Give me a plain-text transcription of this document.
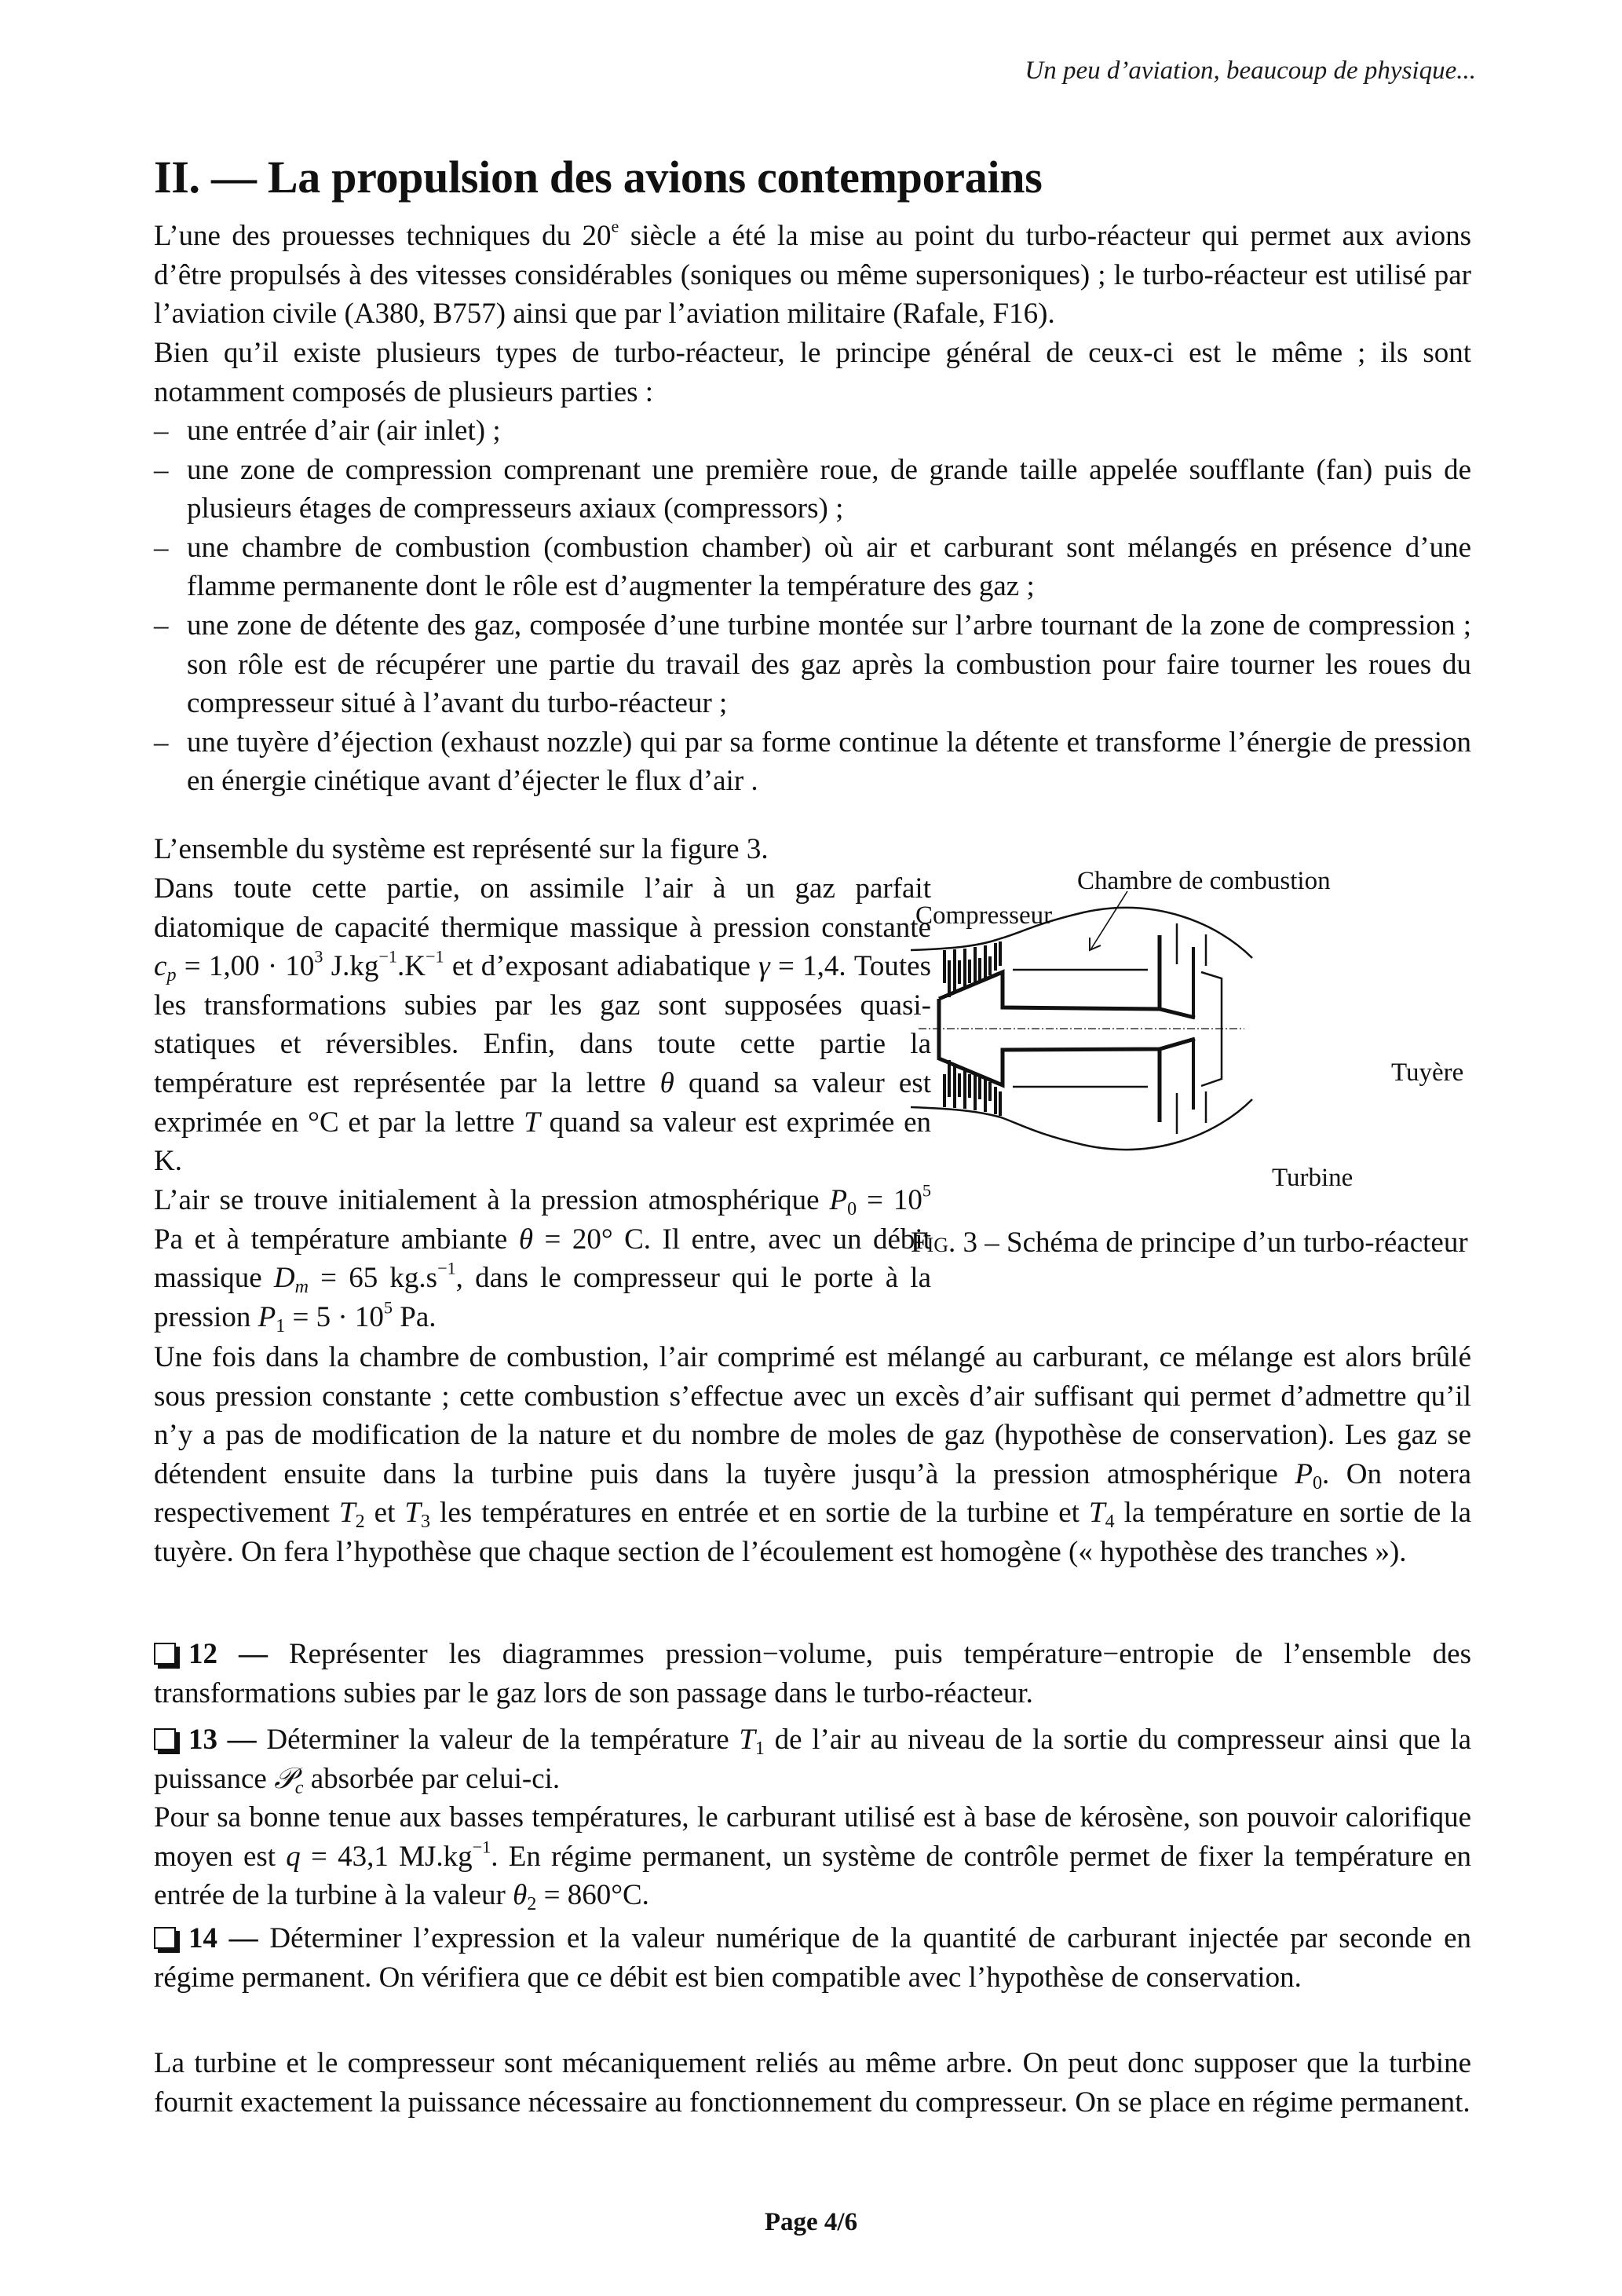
Un peu d’aviation, beaucoup de physique...
II. — La propulsion des avions contemporains

L’une des prouesses techniques du 20e siècle a été la mise au point du turbo-réacteur qui permet aux avions d’être propulsés à des vitesses considérables (soniques ou même supersoniques) ; le turbo-réacteur est utilisé par l’aviation civile (A380, B757) ainsi que par l’aviation militaire (Rafale, F16).

Bien qu’il existe plusieurs types de turbo-réacteur, le principe général de ceux-ci est le même ; ils sont notamment composés de plusieurs parties :

– une entrée d’air (air inlet) ;
– une zone de compression comprenant une première roue, de grande taille appelée soufflante (fan) puis de plusieurs étages de compresseurs axiaux (compressors) ;
– une chambre de combustion (combustion chamber) où air et carburant sont mélangés en présence d’une flamme permanente dont le rôle est d’augmenter la température des gaz ;
– une zone de détente des gaz, composée d’une turbine montée sur l’arbre tournant de la zone de compression ; son rôle est de récupérer une partie du travail des gaz après la combustion pour faire tourner les roues du compresseur situé à l’avant du turbo-réacteur ;
– une tuyère d’éjection (exhaust nozzle) qui par sa forme continue la détente et transforme l’énergie de pression en énergie cinétique avant d’éjecter le flux d’air .

L’ensemble du système est représenté sur la figure 3.

Dans toute cette partie, on assimile l’air à un gaz parfait diatomique de capacité thermique massique à pression constante $c_p = 1,00 \cdot 10^3$ $J.kg^{-1}.K^{-1}$ et d’exposant adiabatique γ = 1,4. Toutes les transformations subies par les gaz sont supposées quasi-statiques et réversibles. Enfin, dans toute cette partie la température est représentée par la lettre θ quand sa valeur est exprimée en °C et par la lettre T quand sa valeur est exprimée en K.

L’air se trouve initialement à la pression atmosphérique $P_0 = 10^5$ Pa et à température ambiante θ = 20° C. Il entre, avec un débit massique $D_m = 65$ $kg.s^{-1}$, dans le compresseur qui le porte à la pression $P_1 = 5 \cdot 10^5$ Pa.

Chambre de combustion
Compresseur
Tuyère
Turbine

Fig. 3 – Schéma de principe d’un turbo-réacteur

Une fois dans la chambre de combustion, l’air comprimé est mélangé au carburant, ce mélange est alors brûlé sous pression constante ; cette combustion s’effectue avec un excès d’air suffisant qui permet d’admettre qu’il n’y a pas de modification de la nature et du nombre de moles de gaz (hypothèse de conservation). Les gaz se détendent ensuite dans la turbine puis dans la tuyère jusqu’à la pression atmosphérique $P_0$. On notera respectivement $T_2$ et $T_3$ les températures en entrée et en sortie de la turbine et $T_4$ la température en sortie de la tuyère. On fera l’hypothèse que chaque section de l’écoulement est homogène (« hypothèse des tranches »).

12 — Représenter les diagrammes pression−volume, puis température−entropie de l’ensemble des transformations subies par le gaz lors de son passage dans le turbo-réacteur.

13 — Déterminer la valeur de la température $T_1$ de l’air au niveau de la sortie du compresseur ainsi que la puissance 𝒫$_c$ absorbée par celui-ci.

Pour sa bonne tenue aux basses températures, le carburant utilisé est à base de kérosène, son pouvoir calorifique moyen est q = 43,1 $MJ.kg^{-1}$. En régime permanent, un système de contrôle permet de fixer la température en entrée de la turbine à la valeur $\theta_2 = 860^\circ C$.

14 — Déterminer l’expression et la valeur numérique de la quantité de carburant injectée par seconde en régime permanent. On vérifiera que ce débit est bien compatible avec l’hypothèse de conservation.

La turbine et le compresseur sont mécaniquement reliés au même arbre. On peut donc supposer que la turbine fournit exactement la puissance nécessaire au fonctionnement du compresseur. On se place en régime permanent.

Page 4/6
